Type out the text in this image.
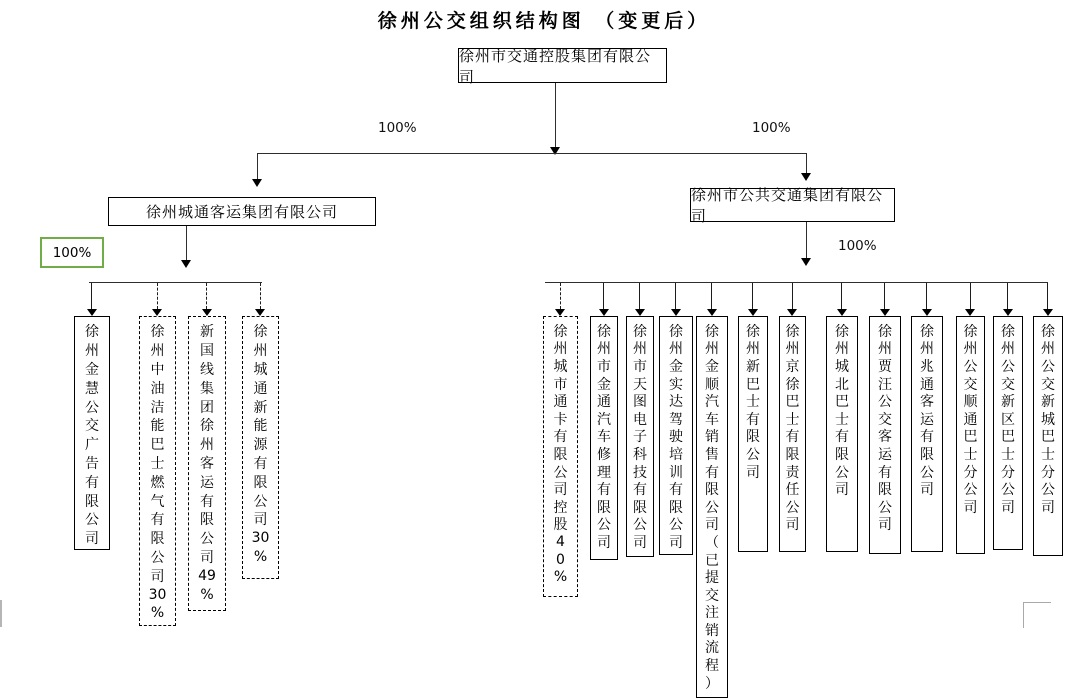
徐州公交组织结构图 （变更后）
徐州市交通控股集团有限公司
100%	100%
徐州城通客运集团有限公司
徐州市公共交通集团有限公司
100%	100%
徐
州
金
慧
公
交
广
告
有
限
公
司
徐
州
中
油
洁
能
巴
士
燃
气
有
限
公
司
30
%
新
国
线
集
团
徐
州
客
运
有
限
公
司
49
%
徐
州
城
通
新
能
源
有
限
公
司
30
%
徐
州
城
市
通
卡
有
限
公
司
控
股
4
0
%
徐
州
市
金
通
汽
车
修
理
有
限
公
司
徐
州
市
天
图
电
子
科
技
有
限
公
司
徐
州
金
实
达
驾
驶
培
训
有
限
公
司
徐
州
金
顺
汽
车
销
售
有
限
公
司
（
已
提
交
注
销
流
程
）
徐
州
新
巴
士
有
限
公
司
徐
州
京
徐
巴
士
有
限
责
任
公
司
徐
州
城
北
巴
士
有
限
公
司
徐
州
贾
汪
公
交
客
运
有
限
公
司
徐
州
兆
通
客
运
有
限
公
司
徐
州
公
交
顺
通
巴
士
分
公
司
徐
州
公
交
新
区
巴
士
分
公
司
徐
州
公
交
新
城
巴
士
分
公
司
